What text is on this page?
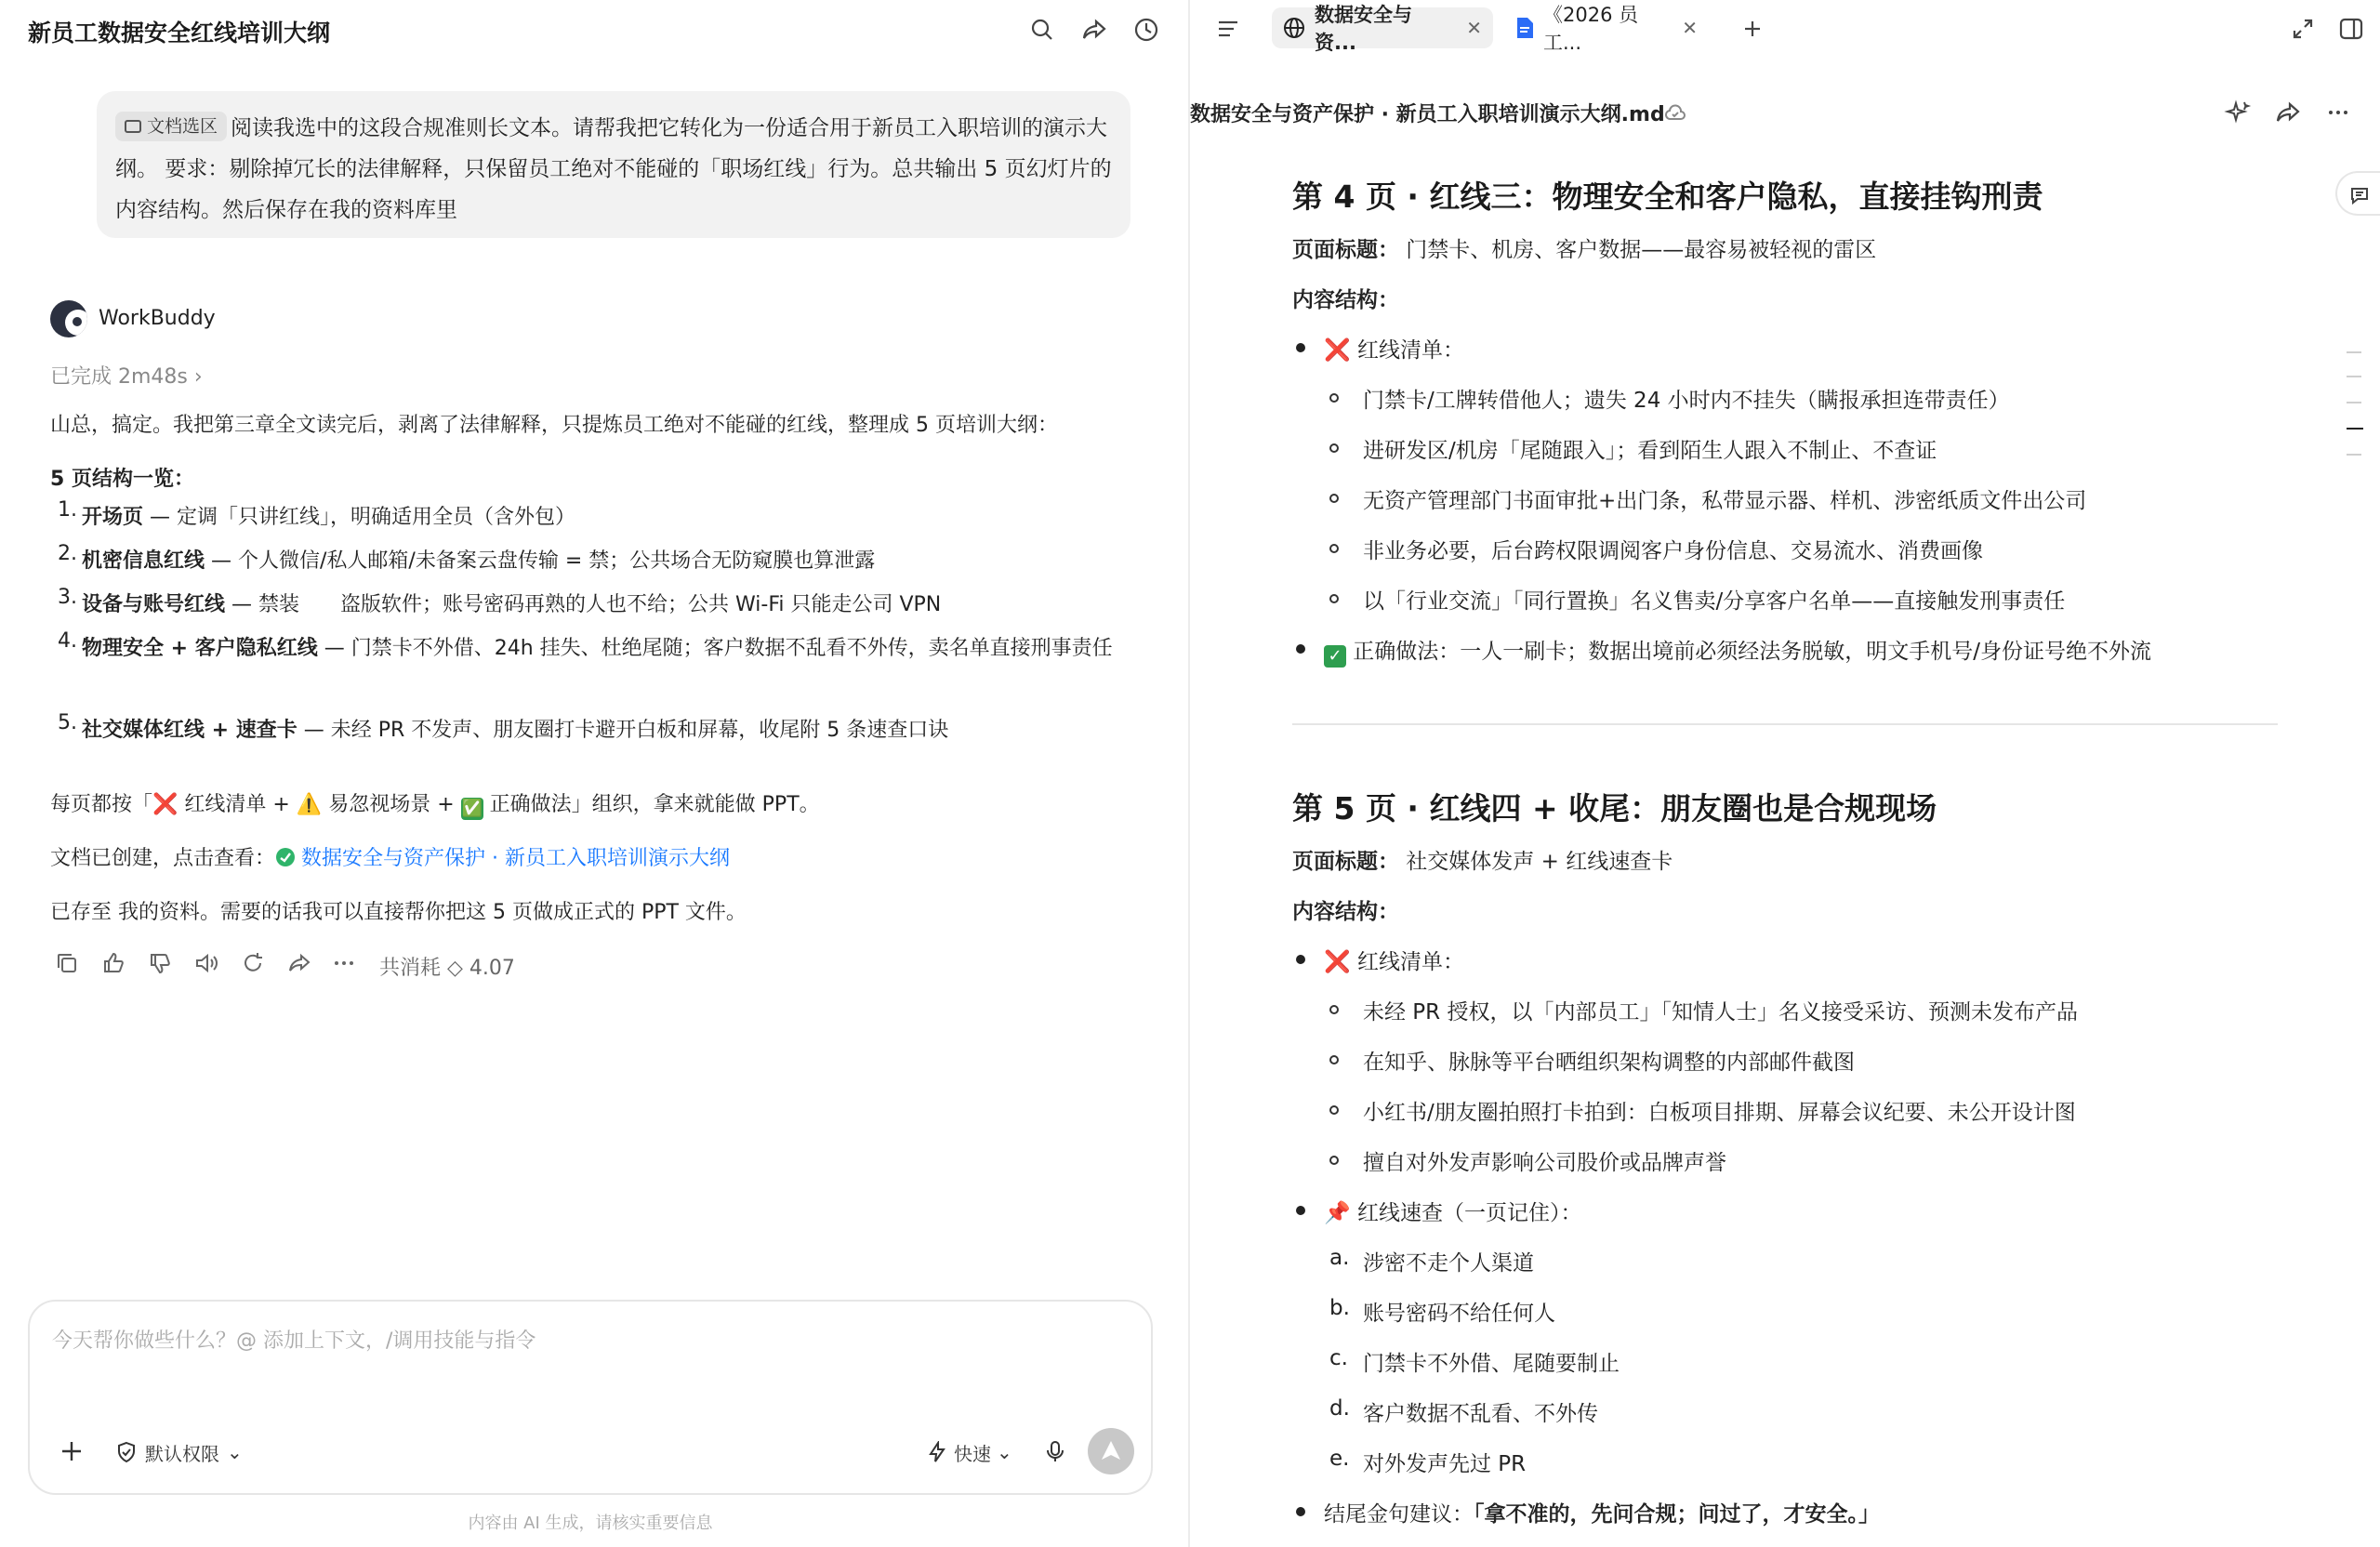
新员工数据安全红线培训大纲
文档选区 阅读我选中的这段合规准则长文本。请帮我把它转化为一份适合用于新员工入职培训的演示大纲。 要求：剔除掉冗长的法律解释，只保留员工绝对不能碰的「职场红线」行为。总共输出 5 页幻灯片的内容结构。然后保存在我的资料库里
WorkBuddy
已完成 2m48s ›

山总，搞定。我把第三章全文读完后，剥离了法律解释，只提炼员工绝对不能碰的红线，整理成 5 页培训大纲：

5 页结构一览：

1. 开场页 — 定调「只讲红线」，明确适用全员（含外包）
2. 机密信息红线 — 个人微信/私人邮箱/未备案云盘传输 = 禁；公共场合无防窥膜也算泄露
3. 设备与账号红线 — 禁装　　盗版软件；账号密码再熟的人也不给；公共 Wi-Fi 只能走公司 VPN
4. 物理安全 + 客户隐私红线 — 门禁卡不外借、24h 挂失、杜绝尾随；客户数据不乱看不外传，卖名单直接刑事责任
5. 社交媒体红线 + 速查卡 — 未经 PR 不发声、朋友圈打卡避开白板和屏幕，收尾附 5 条速查口诀

每页都按「❌ 红线清单 + ⚠️ 易忽视场景 + ✅ 正确做法」组织，拿来就能做 PPT。

文档已创建，点击查看： 数据安全与资产保护 · 新员工入职培训演示大纲

已存至 我的资料。需要的话我可以直接帮你把这 5 页做成正式的 PPT 文件。

共消耗 ◇ 4.07
今天帮你做些什么？@ 添加上下文，/调用技能与指令
默认权限 ⌄	快速 ⌄
内容由 AI 生成，请核实重要信息
数据安全与资...
✕
《2026 员工...
✕
数据安全与资产保护 · 新员工入职培训演示大纲.md
第 4 页 · 红线三：物理安全和客户隐私，直接挂钩刑责
页面标题： 门禁卡、机房、客户数据——最容易被轻视的雷区
内容结构：
❌ 红线清单：
门禁卡/工牌转借他人；遗失 24 小时内不挂失（瞒报承担连带责任）
进研发区/机房「尾随跟入」；看到陌生人跟入不制止、不查证
无资产管理部门书面审批+出门条，私带显示器、样机、涉密纸质文件出公司
非业务必要，后台跨权限调阅客户身份信息、交易流水、消费画像
以「行业交流」「同行置换」名义售卖/分享客户名单——直接触发刑事责任
✓ 正确做法：一人一刷卡；数据出境前必须经法务脱敏，明文手机号/身份证号绝不外流
第 5 页 · 红线四 + 收尾：朋友圈也是合规现场
页面标题： 社交媒体发声 + 红线速查卡
内容结构：
❌ 红线清单：
未经 PR 授权，以「内部员工」「知情人士」名义接受采访、预测未发布产品
在知乎、脉脉等平台晒组织架构调整的内部邮件截图
小红书/朋友圈拍照打卡拍到：白板项目排期、屏幕会议纪要、未公开设计图
擅自对外发声影响公司股价或品牌声誉
📌 红线速查（一页记住）：
a. 涉密不走个人渠道
b. 账号密码不给任何人
c. 门禁卡不外借、尾随要制止
d. 客户数据不乱看、不外传
e. 对外发声先过 PR
结尾金句建议：「拿不准的，先问合规；问过了，才安全。」
